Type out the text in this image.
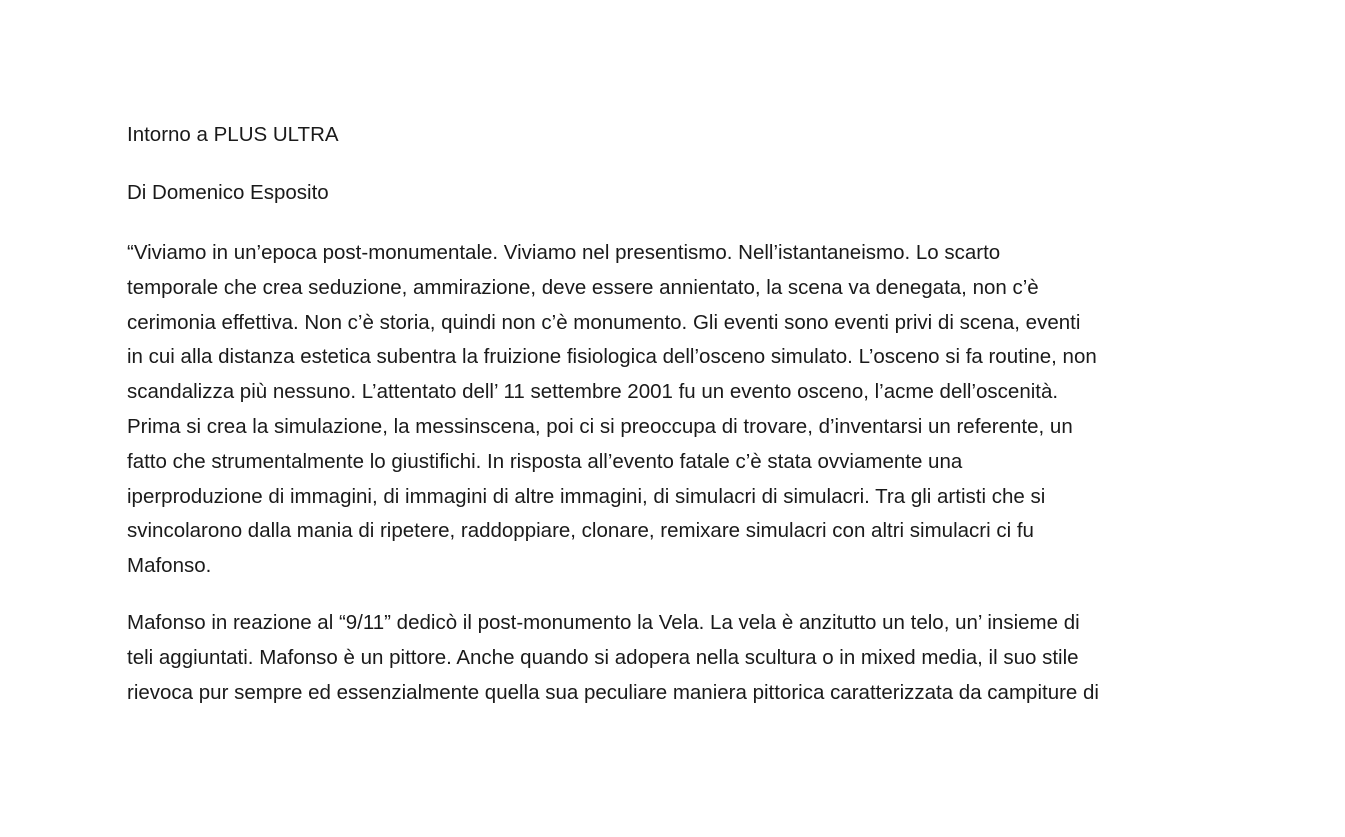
Intorno a PLUS ULTRA

Di Domenico Esposito

“Viviamo in un’epoca post-monumentale. Viviamo nel presentismo. Nell’istantaneismo. Lo scarto
temporale che crea seduzione, ammirazione, deve essere annientato, la scena va denegata, non c’è
cerimonia effettiva. Non c’è storia, quindi non c’è monumento. Gli eventi sono eventi privi di scena, eventi
in cui alla distanza estetica subentra la fruizione fisiologica dell’osceno simulato. L’osceno si fa routine, non
scandalizza più nessuno. L’attentato dell’ 11 settembre 2001 fu un evento osceno, l’acme dell’oscenità.
Prima si crea la simulazione, la messinscena, poi ci si preoccupa di trovare, d’inventarsi un referente, un
fatto che strumentalmente lo giustifichi. In risposta all’evento fatale c’è stata ovviamente una
iperproduzione di immagini, di immagini di altre immagini, di simulacri di simulacri. Tra gli artisti che si
svincolarono dalla mania di ripetere, raddoppiare, clonare, remixare simulacri con altri simulacri ci fu
Mafonso.

Mafonso in reazione al “9/11” dedicò il post-monumento la Vela. La vela è anzitutto un telo, un’ insieme di
teli aggiuntati. Mafonso è un pittore. Anche quando si adopera nella scultura o in mixed media, il suo stile
rievoca pur sempre ed essenzialmente quella sua peculiare maniera pittorica caratterizzata da campiture di
